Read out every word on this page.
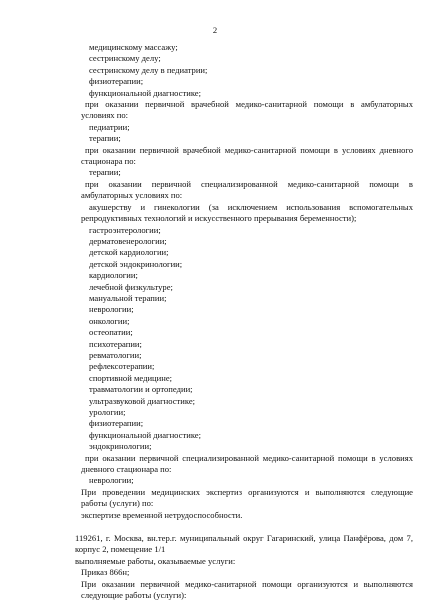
2
медицинскому массажу;
сестринскому делу;
сестринскому делу в педиатрии;
физиотерапии;
функциональной диагностике;
при оказании первичной врачебной медико-санитарной помощи в амбулаторных
условиях по:
педиатрии;
терапии;
при оказании первичной врачебной медико-санитарной помощи в условиях дневного
стационара по:
терапии;
при оказании первичной специализированной медико-санитарной помощи в
амбулаторных условиях по:
акушерству и гинекологии (за исключением использования вспомогательных
репродуктивных технологий и искусственного прерывания беременности);
гастроэнтерологии;
дерматовенерологии;
детской кардиологии;
детской эндокринологии;
кардиологии;
лечебной физкультуре;
мануальной терапии;
неврологии;
онкологии;
остеопатии;
психотерапии;
ревматологии;
рефлексотерапии;
спортивной медицине;
травматологии и ортопедии;
ультразвуковой диагностике;
урологии;
физиотерапии;
функциональной диагностике;
эндокринологии;
при оказании первичной специализированной медико-санитарной помощи в условиях
дневного стационара по:
неврологии;
При проведении медицинских экспертиз организуются и выполняются следующие
работы (услуги) по:
экспертизе временной нетрудоспособности.
119261, г. Москва, вн.тер.г. муниципальный округ Гагаринский, улица Панфёрова, дом 7,
корпус 2, помещение 1/1
выполняемые работы, оказываемые услуги:
Приказ 866н;
При оказании первичной медико-санитарной помощи организуются и выполняются
следующие работы (услуги):
